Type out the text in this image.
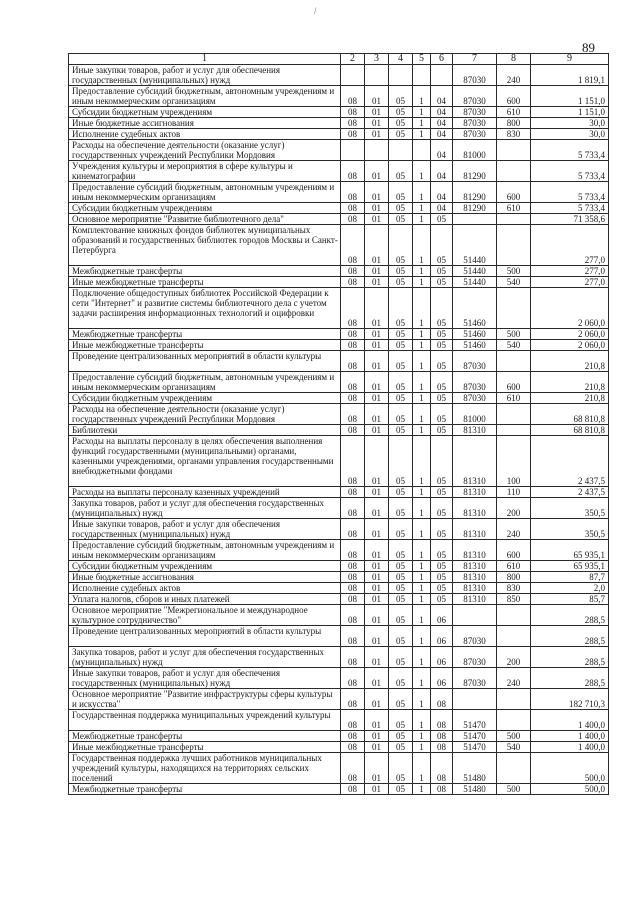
/
89
1	2	3	4	5	6	7	8	9
Иные закупки товаров, работ и услуг для обеспечения государственных (муниципальных) нужд						87030	240	1 819,1
Предоставление субсидий бюджетным, автономным учреждениям и иным некоммерческим организациям	08	01	05	1	04	87030	600	1 151,0
Субсидии бюджетным учреждениям	08	01	05	1	04	87030	610	1 151,0
Иные бюджетные ассигнования	08	01	05	1	04	87030	800	30,0
Исполнение судебных актов	08	01	05	1	04	87030	830	30,0
Расходы на обеспечение деятельности (оказание услуг) государственных учреждений Республики Мордовия					04	81000		5 733,4
Учреждения культуры и мероприятия в сфере культуры и кинематографии	08	01	05	1	04	81290		5 733,4
Предоставление субсидий бюджетным, автономным учреждениям и иным некоммерческим организациям	08	01	05	1	04	81290	600	5 733,4
Субсидии бюджетным учреждениям	08	01	05	1	04	81290	610	5 733,4
Основное мероприятие "Развитие библиотечного дела"	08	01	05	1	05			71 358,6
Комплектование книжных фондов библиотек муниципальных образований и государственных библиотек городов Москвы и Санкт-Петербурга	08	01	05	1	05	51440		277,0
Межбюджетные трансферты	08	01	05	1	05	51440	500	277,0
Иные межбюджетные трансферты	08	01	05	1	05	51440	540	277,0
Подключение общедоступных библиотек Российской Федерации к сети "Интернет" и развитие системы библиотечного дела с учетом задачи расширения информационных технологий и оцифровки	08	01	05	1	05	51460		2 060,0
Межбюджетные трансферты	08	01	05	1	05	51460	500	2 060,0
Иные межбюджетные трансферты	08	01	05	1	05	51460	540	2 060,0
Проведение централизованных мероприятий в области культуры	08	01	05	1	05	87030		210,8
Предоставление субсидий бюджетным, автономным учреждениям и иным некоммерческим организациям	08	01	05	1	05	87030	600	210,8
Субсидии бюджетным учреждениям	08	01	05	1	05	87030	610	210,8
Расходы на обеспечение деятельности (оказание услуг) государственных учреждений Республики Мордовия	08	01	05	1	05	81000		68 810,8
Библиотеки	08	01	05	1	05	81310		68 810,8
Расходы на выплаты персоналу в целях обеспечения выполнения функций государственными (муниципальными) органами, казенными учреждениями, органами управления государственными внебюджетными фондами	08	01	05	1	05	81310	100	2 437,5
Расходы на выплаты персоналу казенных учреждений	08	01	05	1	05	81310	110	2 437,5
Закупка товаров, работ и услуг для обеспечения государственных (муниципальных) нужд	08	01	05	1	05	81310	200	350,5
Иные закупки товаров, работ и услуг для обеспечения государственных (муниципальных) нужд	08	01	05	1	05	81310	240	350,5
Предоставление субсидий бюджетным, автономным учреждениям и иным некоммерческим организациям	08	01	05	1	05	81310	600	65 935,1
Субсидии бюджетным учреждениям	08	01	05	1	05	81310	610	65 935,1
Иные бюджетные ассигнования	08	01	05	1	05	81310	800	87,7
Исполнение судебных актов	08	01	05	1	05	81310	830	2,0
Уплата налогов, сборов и иных платежей	08	01	05	1	05	81310	850	85,7
Основное мероприятие "Межрегиональное и международное культурное сотрудничество"	08	01	05	1	06			288,5
Проведение централизованных мероприятий в области культуры	08	01	05	1	06	87030		288,5
Закупка товаров, работ и услуг для обеспечения государственных (муниципальных) нужд	08	01	05	1	06	87030	200	288,5
Иные закупки товаров, работ и услуг для обеспечения государственных (муниципальных) нужд	08	01	05	1	06	87030	240	288,5
Основное мероприятие "Развитие инфраструктуры сферы культуры и искусства"	08	01	05	1	08			182 710,3
Государственная поддержка муниципальных учреждений культуры	08	01	05	1	08	51470		1 400,0
Межбюджетные трансферты	08	01	05	1	08	51470	500	1 400,0
Иные межбюджетные трансферты	08	01	05	1	08	51470	540	1 400,0
Государственная поддержка лучших работников муниципальных учреждений культуры, находящихся на территориях сельских поселений	08	01	05	1	08	51480		500,0
Межбюджетные трансферты	08	01	05	1	08	51480	500	500,0
